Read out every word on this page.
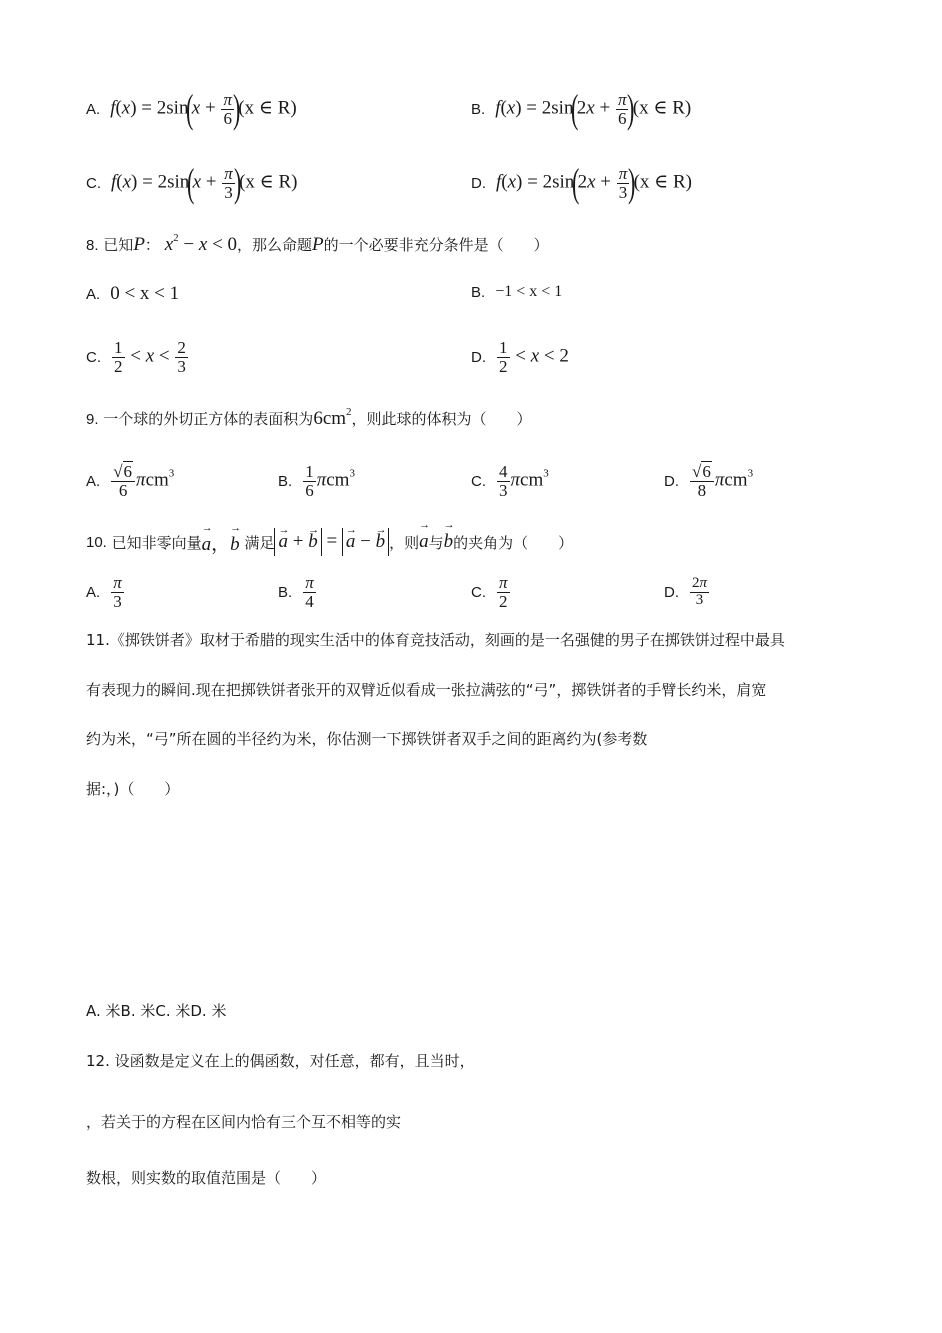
A. $f(x) = 2\sin(x + \frac{\pi}{6}$
)(x ∈ R)	B. $f(x) = 2\sin(2x + \frac{\pi}{6}$
)(x ∈ R)
C. $f(x) = 2\sin(x + \frac{\pi}{3}$
)(x ∈ R)	D. $f(x) = 2\sin(2x + \frac{\pi}{3}$
)(x ∈ R)
8. 已知P： $x^2 - x < 0$，那么命题P的一个必要非充分条件是（　　）
A. 0 < x < 1	B. −1 < x < 1
C. $\frac{1}{2} < x < \frac{2}{3}$	D. $\frac{1}{2} < x < 2$
9. 一个球的外切正方体的表面积为$6cm^2$，则此球的体积为（　　）
A. $\frac{√6}{6} \pi cm^3$	B. $\frac{1}{6} \pi cm^3$	C. $\frac{4}{3} \pi cm^3$	D. $\frac{√6}{8} \pi cm^3$
10.
已知非零向量 → a，→ b
满足 → a + → b = → a − → b ，则 → a 与 → b 的夹角为（　　）
A. $\frac{\pi}{3}$	B. $\frac{\pi}{4}$	C. $\frac{\pi}{2}$	D. $\frac{2\pi}{3}$
11.《掷铁饼者》取材于希腊的现实生活中的体育竞技活动，刻画的是一名强健的男子在掷铁饼过程中最具
有表现力的瞬间.现在把掷铁饼者张开的双臂近似看成一张拉满弦的“弓”，掷铁饼者的手臂长约米，肩宽
约为米，“弓”所在圆的半径约为米，你估测一下掷铁饼者双手之间的距离约为(参考数
据:，)（　　）
A. 米B. 米C. 米D. 米
12. 设函数是定义在上的偶函数，对任意，都有，且当时，
，若关于的方程在区间内恰有三个互不相等的实
数根，则实数的取值范围是（　　）
